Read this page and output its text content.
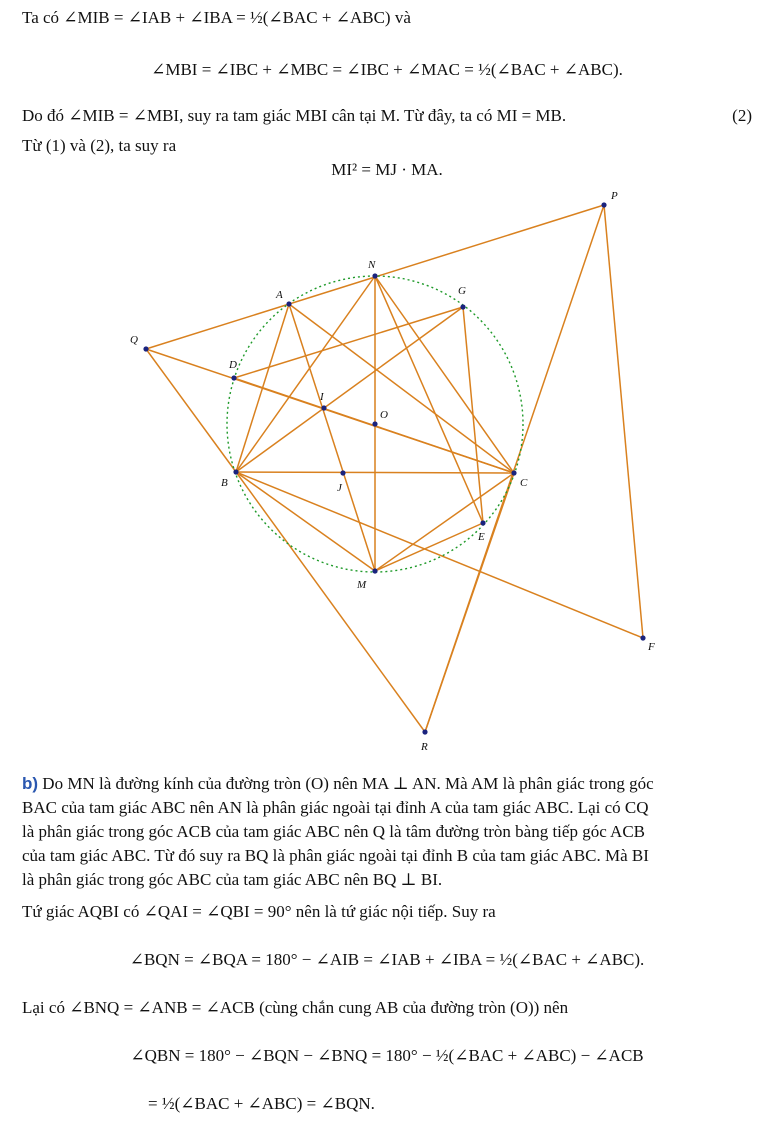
Ta có ∠MIB = ∠IAB + ∠IBA = ½(∠BAC + ∠ABC) và
∠MBI = ∠IBC + ∠MBC = ∠IBC + ∠MAC = ½(∠BAC + ∠ABC).
Do đó ∠MIB = ∠MBI, suy ra tam giác MBI cân tại M. Từ đây, ta có MI = MB.	(2)
Từ (1) và (2), ta suy ra
MI² = MJ · MA.
A
B	C
D
E
F
G
I
J
M
N
O
P
Q
R
b) Do MN là đường kính của đường tròn (O) nên MA ⊥ AN. Mà AM là phân giác trong góc
BAC của tam giác ABC nên AN là phân giác ngoài tại đỉnh A của tam giác ABC. Lại có CQ
là phân giác trong góc ACB của tam giác ABC nên Q là tâm đường tròn bàng tiếp góc ACB
của tam giác ABC. Từ đó suy ra BQ là phân giác ngoài tại đỉnh B của tam giác ABC. Mà BI
là phân giác trong góc ABC của tam giác ABC nên BQ ⊥ BI.
Tứ giác AQBI có ∠QAI = ∠QBI = 90° nên là tứ giác nội tiếp. Suy ra
∠BQN = ∠BQA = 180° − ∠AIB = ∠IAB + ∠IBA = ½(∠BAC + ∠ABC).
Lại có ∠BNQ = ∠ANB = ∠ACB (cùng chắn cung AB của đường tròn (O)) nên
∠QBN = 180° − ∠BQN − ∠BNQ = 180° − ½(∠BAC + ∠ABC) − ∠ACB
= ½(∠BAC + ∠ABC) = ∠BQN.
